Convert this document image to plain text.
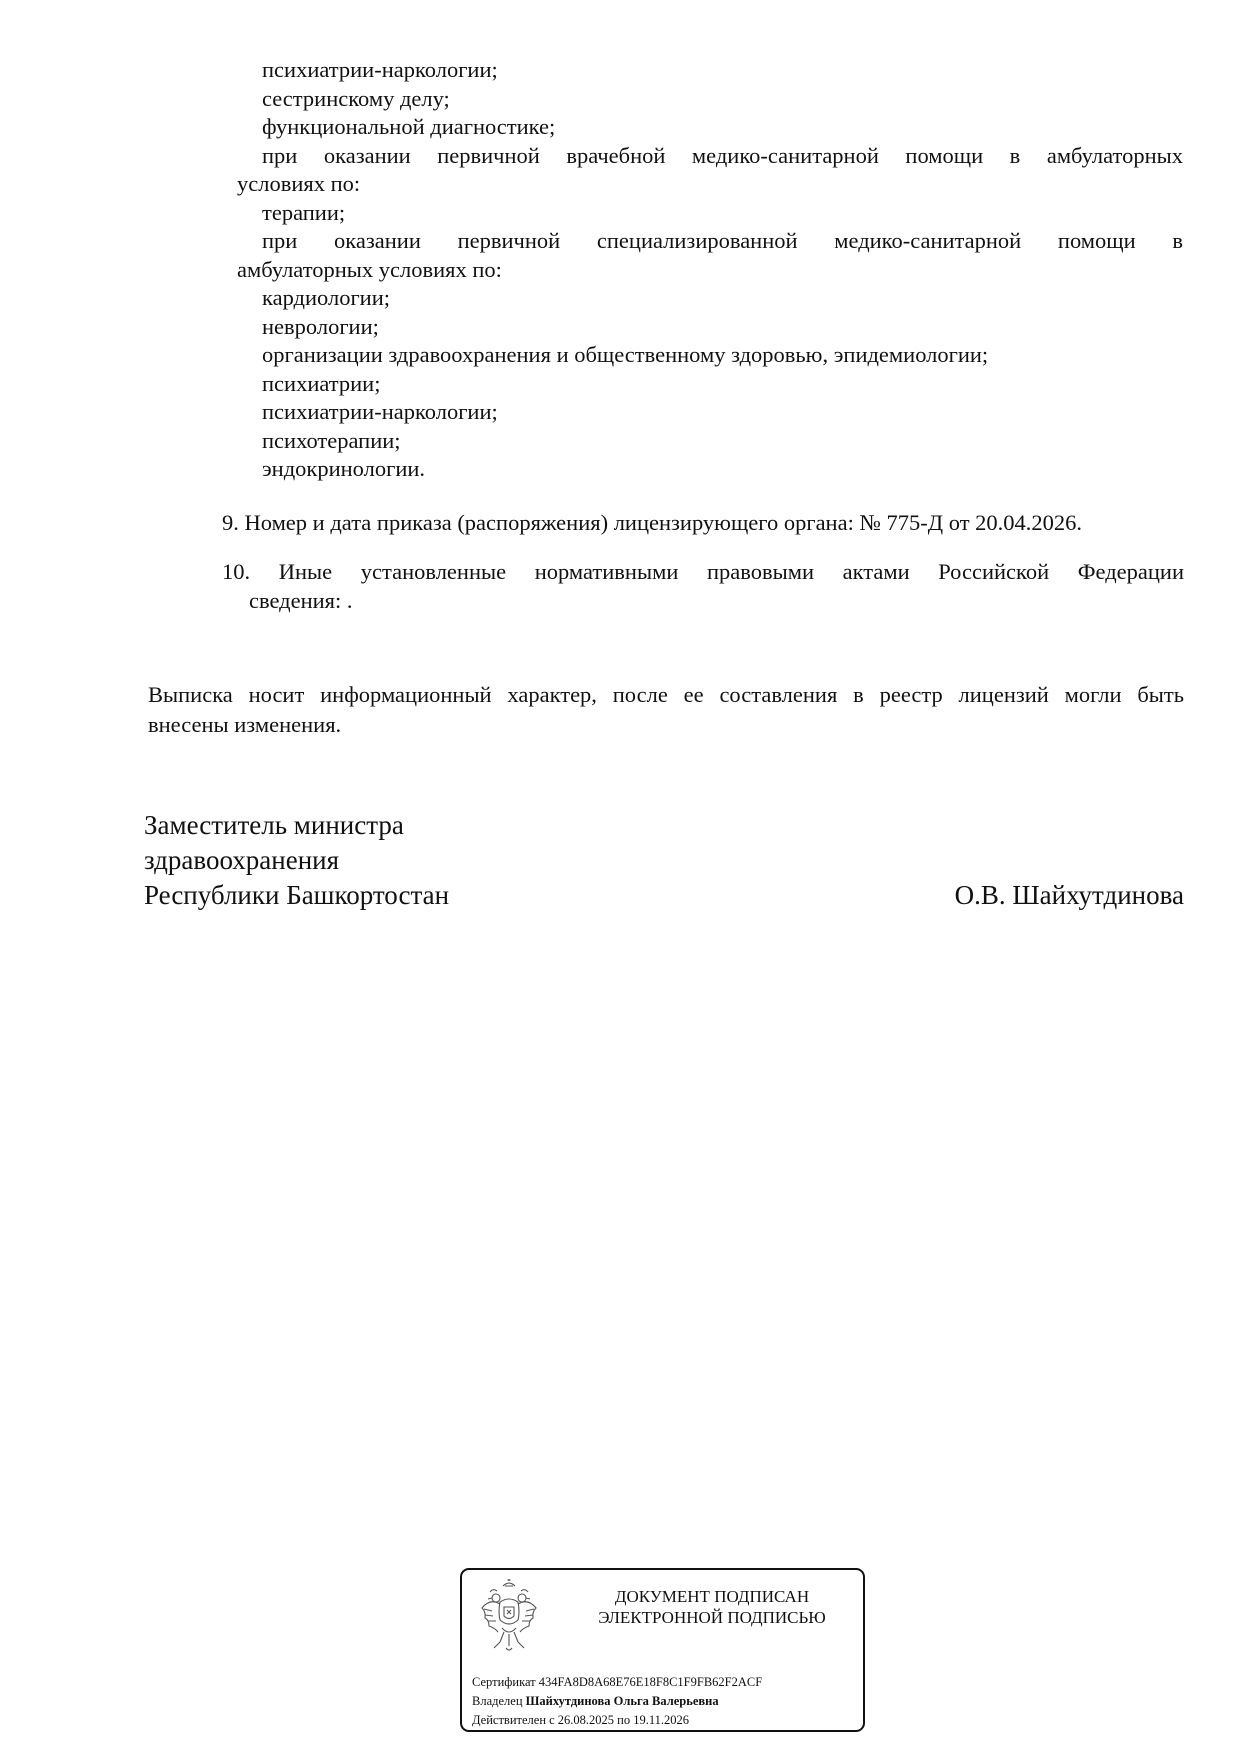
психиатрии-наркологии;
сестринскому делу;
функциональной диагностике;
при оказании первичной врачебной медико-санитарной помощи в амбулаторных
условиях по:
терапии;
при оказании первичной специализированной медико-санитарной помощи в
амбулаторных условиях по:
кардиологии;
неврологии;
организации здравоохранения и общественному здоровью, эпидемиологии;
психиатрии;
психиатрии-наркологии;
психотерапии;
эндокринологии.
9. Номер и дата приказа (распоряжения) лицензирующего органа: № 775-Д от 20.04.2026.
10. Иные установленные нормативными правовыми актами Российской Федерации
сведения: .
Выписка носит информационный характер, после ее составления в реестр лицензий могли быть
внесены изменения.
Заместитель министра
здравоохранения
Республики Башкортостан	О.В. Шайхутдинова
ДОКУМЕНТ ПОДПИСАН
ЭЛЕКТРОННОЙ ПОДПИСЬЮ
Сертификат 434FA8D8A68E76E18F8C1F9FB62F2ACF
Владелец Шайхутдинова Ольга Валерьевна
Действителен с 26.08.2025 по 19.11.2026
